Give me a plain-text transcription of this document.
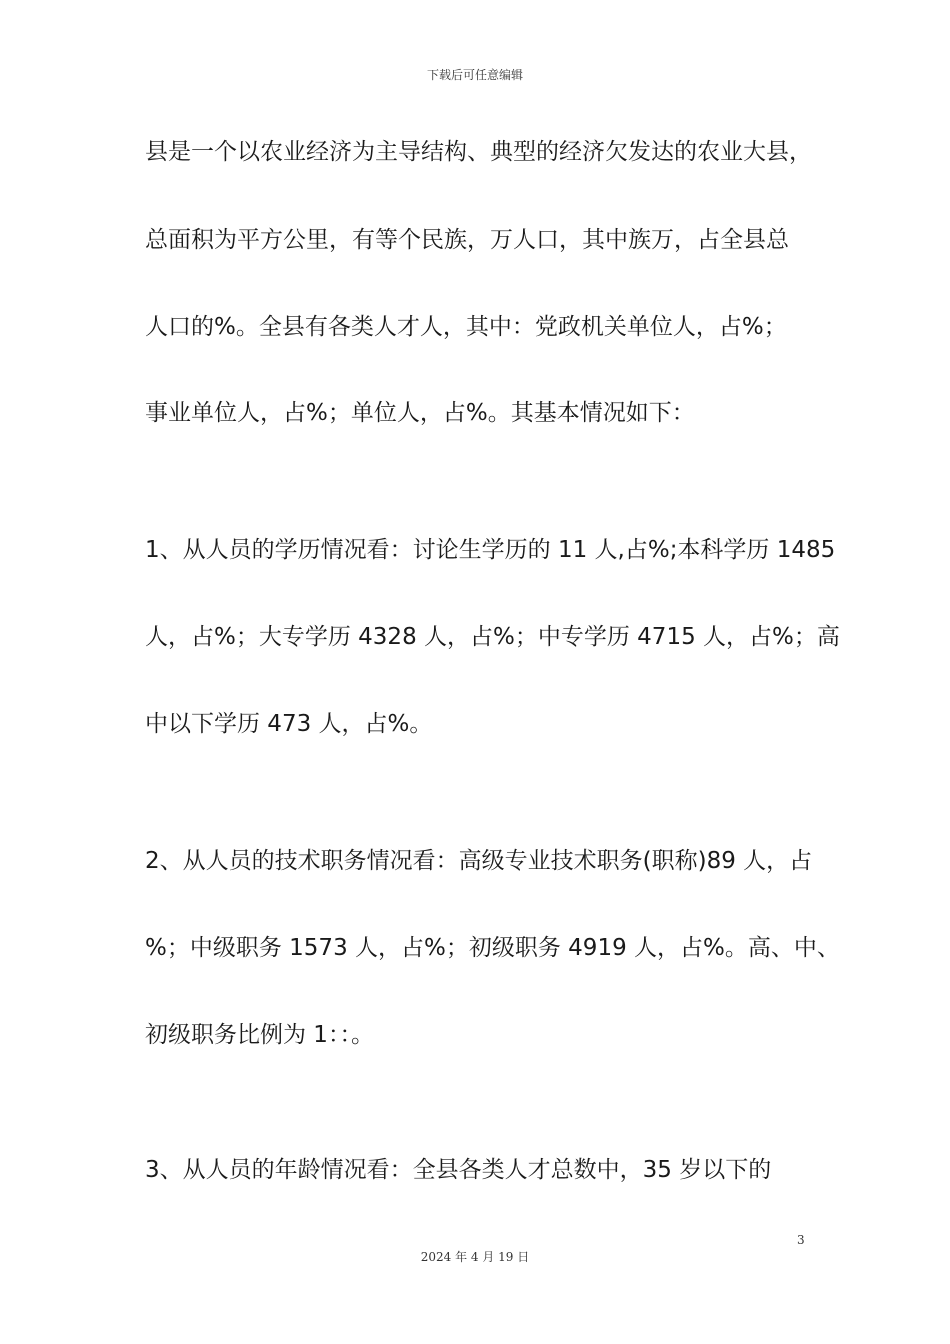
下载后可任意编辑
县是一个以农业经济为主导结构、典型的经济欠发达的农业大县，
总面积为平方公里，有等个民族，万人口，其中族万，占全县总
人口的%。全县有各类人才人，其中：党政机关单位人，占%；
事业单位人，占%；单位人，占%。其基本情况如下：
1、从人员的学历情况看：讨论生学历的 11 人,占%;本科学历 1485
人，占%；大专学历 4328 人，占%；中专学历 4715 人，占%；高
中以下学历 473 人，占%。
2、从人员的技术职务情况看：高级专业技术职务(职称)89 人，占
%；中级职务 1573 人，占%；初级职务 4919 人，占%。高、中、
初级职务比例为 1：：。
3、从人员的年龄情况看：全县各类人才总数中，35 岁以下的
3
2024 年 4 月 19 日
